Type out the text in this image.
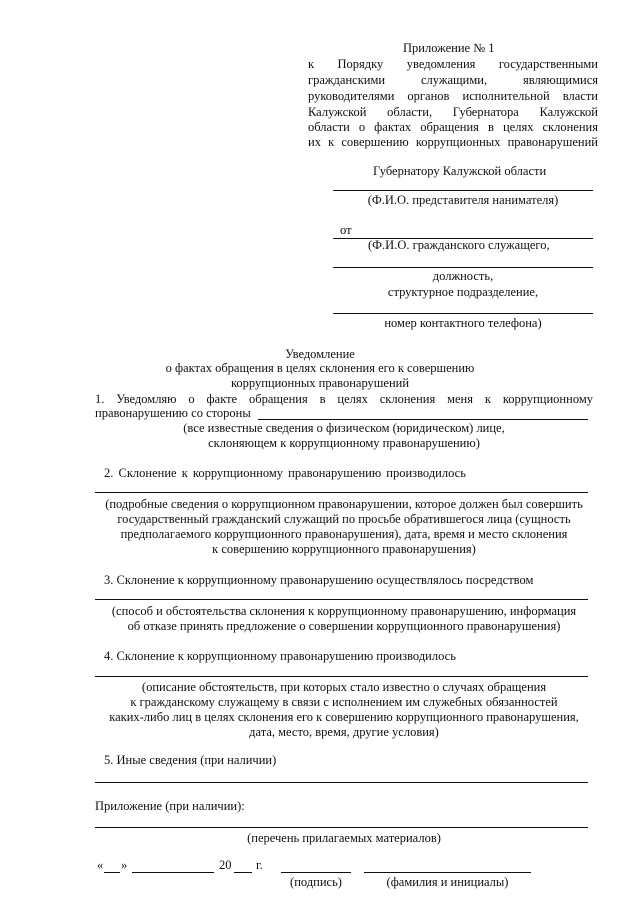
Приложение № 1
к Порядку уведомления государственными
гражданскими служащими, являющимися
руководителями органов исполнительной власти
Калужской области, Губернатора Калужской
области о фактах обращения в целях склонения
их к совершению коррупционных правонарушений
Губернатору Калужской области
(Ф.И.О. представителя нанимателя)
от
(Ф.И.О. гражданского служащего,
должность,
структурное подразделение,
номер контактного телефона)
Уведомление
о фактах обращения в целях склонения его к совершению
коррупционных правонарушений
1. Уведомляю о факте обращения в целях склонения меня к коррупционному
правонарушению со стороны
(все известные сведения о физическом (юридическом) лице,
склоняющем к коррупционному правонарушению)
2. Склонение к коррупционному правонарушению производилось
(подробные сведения о коррупционном правонарушении, которое должен был совершить
государственный гражданский служащий по просьбе обратившегося лица (сущность
предполагаемого коррупционного правонарушения), дата, время и место склонения
к совершению коррупционного правонарушения)
3. Склонение к коррупционному правонарушению осуществлялось посредством
(способ и обстоятельства склонения к коррупционному правонарушению, информация
об отказе принять предложение о совершении коррупционного правонарушения)
4. Склонение к коррупционному правонарушению производилось
(описание обстоятельств, при которых стало известно о случаях обращения
к гражданскому служащему в связи с исполнением им служебных обязанностей
каких-либо лиц в целях склонения его к совершению коррупционного правонарушения,
дата, место, время, другие условия)
5. Иные сведения (при наличии)
Приложение (при наличии):
(перечень прилагаемых материалов)
« »	20 г.
(подпись)	(фамилия и инициалы)
